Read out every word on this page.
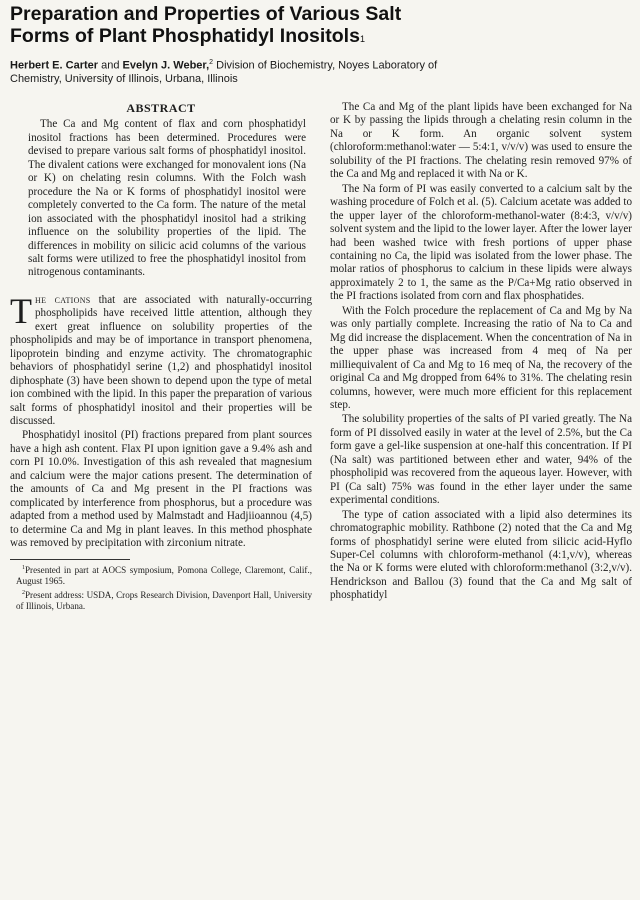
Preparation and Properties of Various Salt
Forms of Plant Phosphatidyl Inositols$^1$
Herbert E. Carter and Evelyn J. Weber,$^2$ Division of Biochemistry, Noyes Laboratory of
Chemistry, University of Illinois, Urbana, Illinois
ABSTRACT

The Ca and Mg content of flax and corn phosphatidyl inositol fractions has been determined. Procedures were devised to prepare various salt forms of phosphatidyl inositol. The divalent cations were exchanged for monovalent ions (Na or K) on chelating resin columns. With the Folch wash procedure the Na or K forms of phosphatidyl inositol were completely converted to the Ca form. The nature of the metal ion associated with the phosphatidyl inositol had a striking influence on the solubility properties of the lipid. The differences in mobility on silicic acid columns of the various salt forms were utilized to free the phosphatidyl inositol from nitrogenous contaminants.

The cations that are associated with naturally-occurring phospholipids have received little attention, although they exert great influence on solubility properties of the phospholipids and may be of importance in transport phenomena, lipoprotein binding and enzyme activity. The chromatographic behaviors of phosphatidyl serine (1,2) and phosphatidyl inositol diphosphate (3) have been shown to depend upon the type of metal ion combined with the lipid. In this paper the preparation of various salt forms of phosphatidyl inositol and their properties will be discussed.

Phosphatidyl inositol (PI) fractions prepared from plant sources have a high ash content. Flax PI upon ignition gave a 9.4% ash and corn PI 10.0%. Investigation of this ash revealed that magnesium and calcium were the major cations present. The determination of the amounts of Ca and Mg present in the PI fractions was complicated by interference from phosphorus, but a procedure was adapted from a method used by Malmstadt and Hadjiioannou (4,5) to determine Ca and Mg in plant leaves. In this method phosphate was removed by precipitation with zirconium nitrate.

$^1$Presented in part at AOCS symposium, Pomona College, Claremont, Calif., August 1965.

$^2$Present address: USDA, Crops Research Division, Davenport Hall, University of Illinois, Urbana.

The Ca and Mg of the plant lipids have been exchanged for Na or K by passing the lipids through a chelating resin column in the Na or K form. An organic solvent system (chloroform:methanol:water — 5:4:1, v/v/v) was used to ensure the solubility of the PI fractions. The chelating resin removed 97% of the Ca and Mg and replaced it with Na or K.

The Na form of PI was easily converted to a calcium salt by the washing procedure of Folch et al. (5). Calcium acetate was added to the upper layer of the chloroform-methanol-water (8:4:3, v/v/v) solvent system and the lipid to the lower layer. After the lower layer had been washed twice with fresh portions of upper phase containing no Ca, the lipid was isolated from the lower phase. The molar ratios of phosphorus to calcium in these lipids were always approximately 2 to 1, the same as the P/Ca+Mg ratio observed in the PI fractions isolated from corn and flax phosphatides.

With the Folch procedure the replacement of Ca and Mg by Na was only partially complete. Increasing the ratio of Na to Ca and Mg did increase the displacement. When the concentration of Na in the upper phase was increased from 4 meq of Na per milliequivalent of Ca and Mg to 16 meq of Na, the recovery of the original Ca and Mg dropped from 64% to 31%. The chelating resin columns, however, were much more efficient for this replacement step.

The solubility properties of the salts of PI varied greatly. The Na form of PI dissolved easily in water at the level of 2.5%, but the Ca form gave a gel-like suspension at one-half this concentration. If PI (Na salt) was partitioned between ether and water, 94% of the phospholipid was recovered from the aqueous layer. However, with PI (Ca salt) 75% was found in the ether layer under the same experimental conditions.

The type of cation associated with a lipid also determines its chromatographic mobility. Rathbone (2) noted that the Ca and Mg forms of phosphatidyl serine were eluted from silicic acid-Hyflo Super-Cel columns with chloroform-methanol (4:1,v/v), whereas the Na or K forms were eluted with chloroform:methanol (3:2,v/v). Hendrickson and Ballou (3) found that the Ca and Mg salt of phosphatidyl
